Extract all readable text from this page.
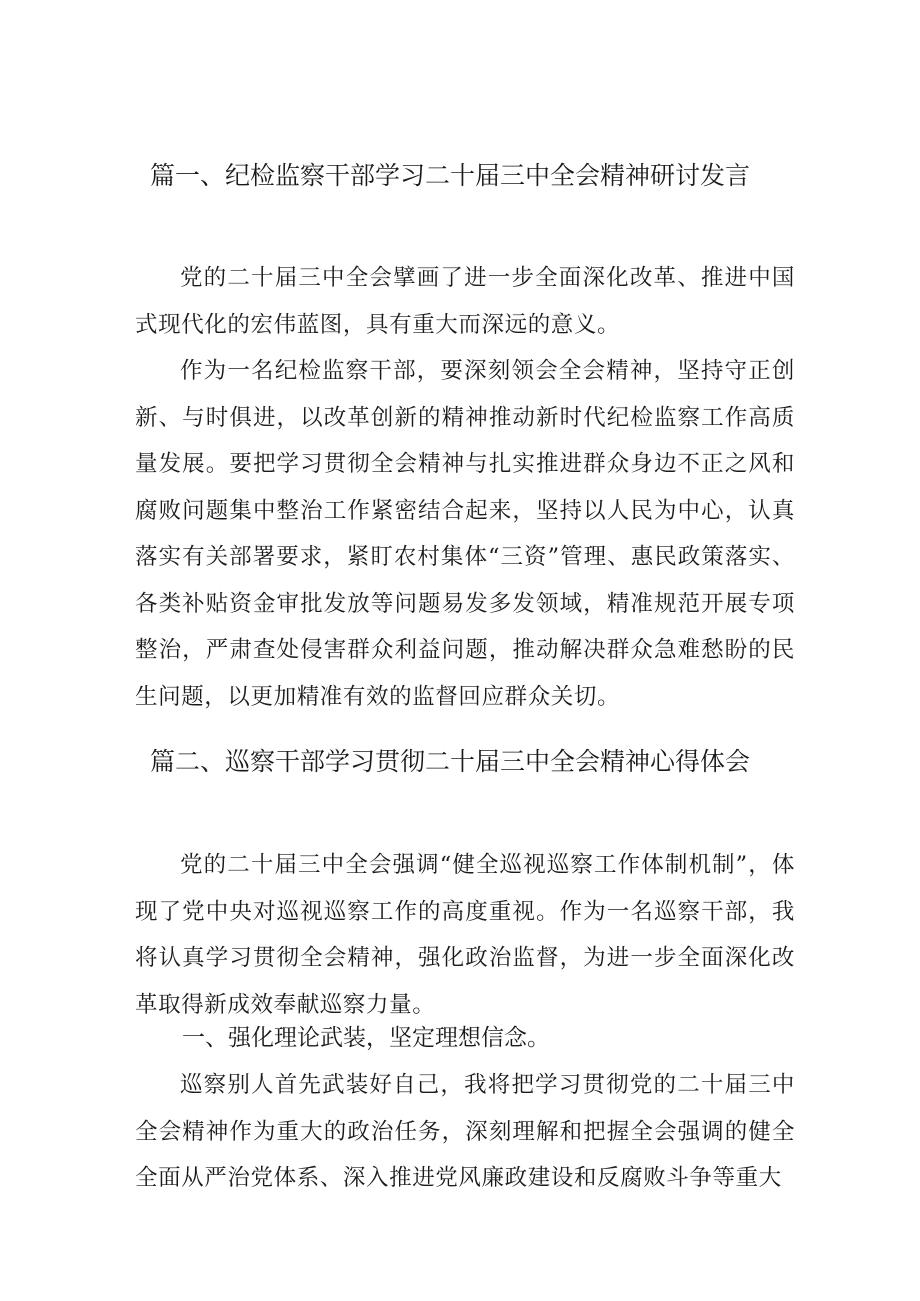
篇一、纪检监察干部学习二十届三中全会精神研讨发言

党的二十届三中全会擘画了进一步全面深化改革、推进中国式现代化的宏伟蓝图，具有重大而深远的意义。

作为一名纪检监察干部，要深刻领会全会精神，坚持守正创新、与时俱进，以改革创新的精神推动新时代纪检监察工作高质量发展。要把学习贯彻全会精神与扎实推进群众身边不正之风和腐败问题集中整治工作紧密结合起来，坚持以人民为中心，认真落实有关部署要求，紧盯农村集体“三资”管理、惠民政策落实、各类补贴资金审批发放等问题易发多发领域，精准规范开展专项整治，严肃查处侵害群众利益问题，推动解决群众急难愁盼的民生问题，以更加精准有效的监督回应群众关切。

篇二、巡察干部学习贯彻二十届三中全会精神心得体会

党的二十届三中全会强调“健全巡视巡察工作体制机制”，体现了党中央对巡视巡察工作的高度重视。作为一名巡察干部，我将认真学习贯彻全会精神，强化政治监督，为进一步全面深化改革取得新成效奉献巡察力量。

一、强化理论武装，坚定理想信念。

巡察别人首先武装好自己，我将把学习贯彻党的二十届三中全会精神作为重大的政治任务，深刻理解和把握全会强调的健全全面从严治党体系、深入推进党风廉政建设和反腐败斗争等重大
